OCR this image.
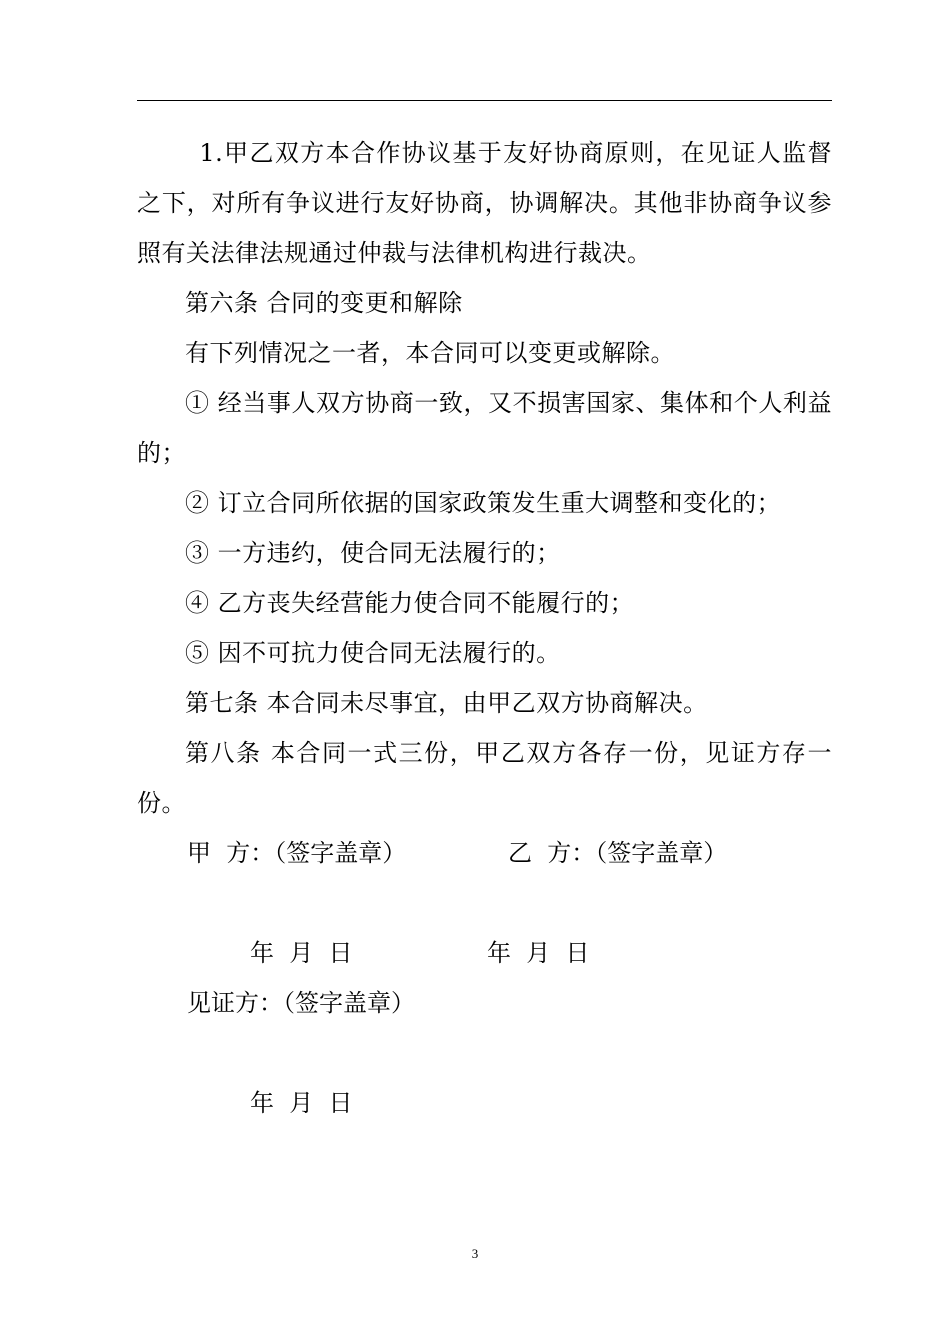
1.甲乙双方本合作协议基于友好协商原则，在见证人监督之下，对所有争议进行友好协商，协调解决。其他非协商争议参照有关法律法规通过仲裁与法律机构进行裁决。

第六条 合同的变更和解除

有下列情况之一者，本合同可以变更或解除。

① 经当事人双方协商一致，又不损害国家、集体和个人利益的；

② 订立合同所依据的国家政策发生重大调整和变化的；

③ 一方违约，使合同无法履行的；

④ 乙方丧失经营能力使合同不能履行的；

⑤ 因不可抗力使合同无法履行的。

第七条 本合同未尽事宜，由甲乙双方协商解决。

第八条 本合同一式三份，甲乙双方各存一份，见证方存一份。

甲  方：（签字盖章）	乙  方：（签字盖章）
年  月  日	年  月  日
见证方：（签字盖章）
年  月  日
3
